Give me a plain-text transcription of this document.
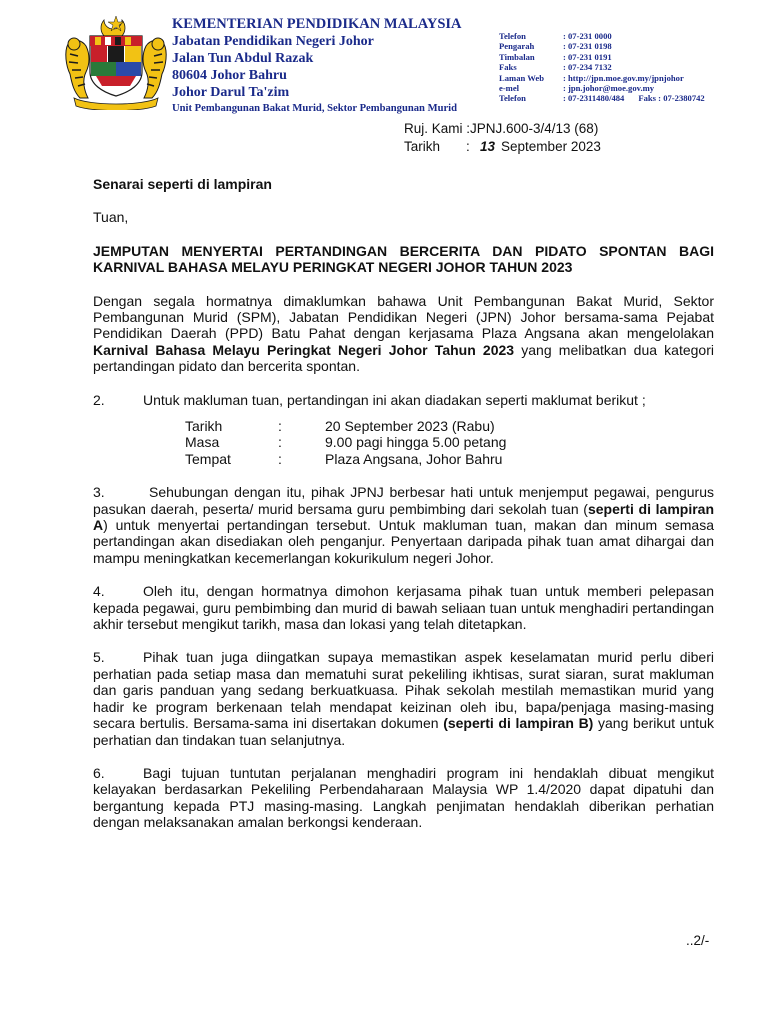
KEMENTERIAN PENDIDIKAN MALAYSIA
Jabatan Pendidikan Negeri Johor
Jalan Tun Abdul Razak
80604 Johor Bahru
Johor Darul Ta'zim
Unit Pembangunan Bakat Murid, Sektor Pembangunan Murid
Telefon	: 07-231 0000
Pengarah	: 07-231 0198
Timbalan	: 07-231 0191
Faks	: 07-234 7132
Laman Web	: http://jpn.moe.gov.my/jpnjohor
e-mel	: jpn.johor@moe.gov.my
Telefon	: 07-2311480/484 Faks : 07-2380742
Ruj. Kami : JPNJ.600-3/4/13 (68)
Tarikh	: 13 September 2023

Senarai seperti di lampiran

Tuan,

JEMPUTAN MENYERTAI PERTANDINGAN BERCERITA DAN PIDATO SPONTAN BAGI KARNIVAL BAHASA MELAYU PERINGKAT NEGERI JOHOR TAHUN 2023

Dengan segala hormatnya dimaklumkan bahawa Unit Pembangunan Bakat Murid, Sektor Pembangunan Murid (SPM), Jabatan Pendidikan Negeri (JPN) Johor bersama-sama Pejabat Pendidikan Daerah (PPD) Batu Pahat dengan kerjasama Plaza Angsana akan mengelolakan Karnival Bahasa Melayu Peringkat Negeri Johor Tahun 2023 yang melibatkan dua kategori pertandingan pidato dan bercerita spontan.

2.	Untuk makluman tuan, pertandingan ini akan diadakan seperti maklumat berikut ;

Tarikh	:	20 September 2023 (Rabu)
Masa	:	9.00 pagi hingga 5.00 petang
Tempat	:	Plaza Angsana, Johor Bahru

3.	Sehubungan dengan itu, pihak JPNJ berbesar hati untuk menjemput pegawai, pengurus pasukan daerah, peserta/ murid bersama guru pembimbing dari sekolah tuan (seperti di lampiran A) untuk menyertai pertandingan tersebut. Untuk makluman tuan, makan dan minum semasa pertandingan akan disediakan oleh penganjur. Penyertaan daripada pihak tuan amat dihargai dan mampu meningkatkan kecemerlangan kokurikulum negeri Johor.

4.	Oleh itu, dengan hormatnya dimohon kerjasama pihak tuan untuk memberi pelepasan kepada pegawai, guru pembimbing dan murid di bawah seliaan tuan untuk menghadiri pertandingan akhir tersebut mengikut tarikh, masa dan lokasi yang telah ditetapkan.

5.	Pihak tuan juga diingatkan supaya memastikan aspek keselamatan murid perlu diberi perhatian pada setiap masa dan mematuhi surat pekeliling ikhtisas, surat siaran, surat makluman dan garis panduan yang sedang berkuatkuasa. Pihak sekolah mestilah memastikan murid yang hadir ke program berkenaan telah mendapat keizinan oleh ibu, bapa/penjaga masing-masing secara bertulis. Bersama-sama ini disertakan dokumen (seperti di lampiran B) yang berikut untuk perhatian dan tindakan tuan selanjutnya.

6.	Bagi tujuan tuntutan perjalanan menghadiri program ini hendaklah dibuat mengikut kelayakan berdasarkan Pekeliling Perbendaharaan Malaysia WP 1.4/2020 dapat dipatuhi dan bergantung kepada PTJ masing-masing. Langkah penjimatan hendaklah diberikan perhatian dengan melaksanakan amalan berkongsi kenderaan.

..2/-
